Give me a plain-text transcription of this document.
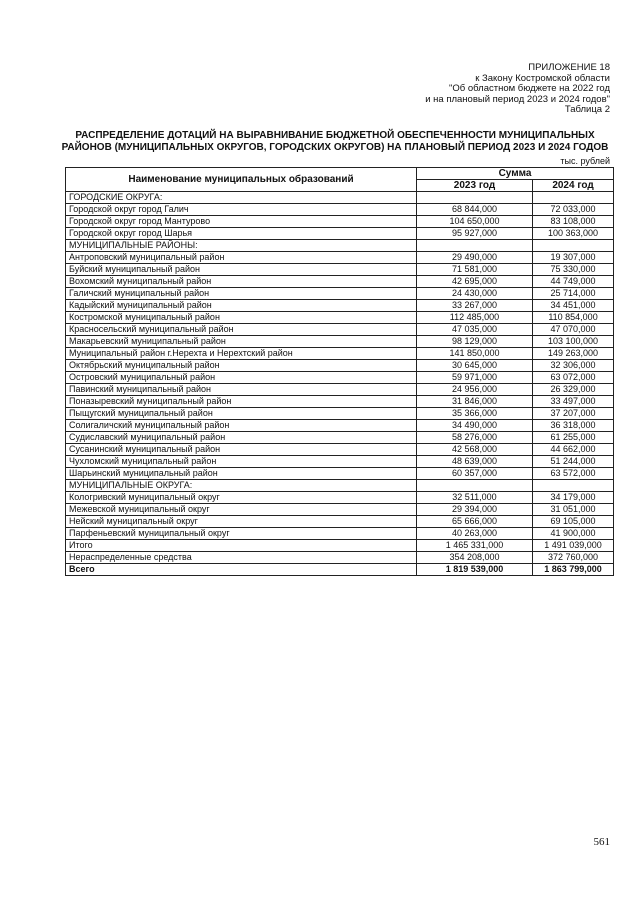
ПРИЛОЖЕНИЕ 18
к Закону Костромской области
"Об областном бюджете на 2022 год
и на плановый период 2023 и 2024 годов"
Таблица 2
РАСПРЕДЕЛЕНИЕ ДОТАЦИЙ НА ВЫРАВНИВАНИЕ БЮДЖЕТНОЙ ОБЕСПЕЧЕННОСТИ МУНИЦИПАЛЬНЫХ
РАЙОНОВ (МУНИЦИПАЛЬНЫХ ОКРУГОВ, ГОРОДСКИХ ОКРУГОВ) НА ПЛАНОВЫЙ ПЕРИОД 2023 И 2024 ГОДОВ
тыс. рублей
Наименование муниципальных образований	Сумма	
	2023 год	2024 год
ГОРОДСКИЕ ОКРУГА:		
Городской округ город Галич	68 844,000	72 033,000
Городской округ город Мантурово	104 650,000	83 108,000
Городской округ город Шарья	95 927,000	100 363,000
МУНИЦИПАЛЬНЫЕ РАЙОНЫ:		
Антроповский муниципальный район	29 490,000	19 307,000
Буйский муниципальный район	71 581,000	75 330,000
Вохомский муниципальный район	42 695,000	44 749,000
Галичский муниципальный район	24 430,000	25 714,000
Кадыйский муниципальный район	33 267,000	34 451,000
Костромской муниципальный район	112 485,000	110 854,000
Красносельский муниципальный район	47 035,000	47 070,000
Макарьевский муниципальный район	98 129,000	103 100,000
Муниципальный район г.Нерехта и Нерехтский район	141 850,000	149 263,000
Октябрьский муниципальный район	30 645,000	32 306,000
Островский муниципальный район	59 971,000	63 072,000
Павинский муниципальный район	24 956,000	26 329,000
Поназыревский муниципальный район	31 846,000	33 497,000
Пыщугский муниципальный район	35 366,000	37 207,000
Солигаличский муниципальный район	34 490,000	36 318,000
Судиславский муниципальный район	58 276,000	61 255,000
Сусанинский муниципальный район	42 568,000	44 662,000
Чухломский муниципальный район	48 639,000	51 244,000
Шарьинский муниципальный район	60 357,000	63 572,000
МУНИЦИПАЛЬНЫЕ ОКРУГА:		
Кологривский муниципальный округ	32 511,000	34 179,000
Межевской муниципальный округ	29 394,000	31 051,000
Нейский муниципальный округ	65 666,000	69 105,000
Парфеньевский муниципальный округ	40 263,000	41 900,000
Итого	1 465 331,000	1 491 039,000
Нераспределенные средства	354 208,000	372 760,000
Всего	1 819 539,000	1 863 799,000
561
